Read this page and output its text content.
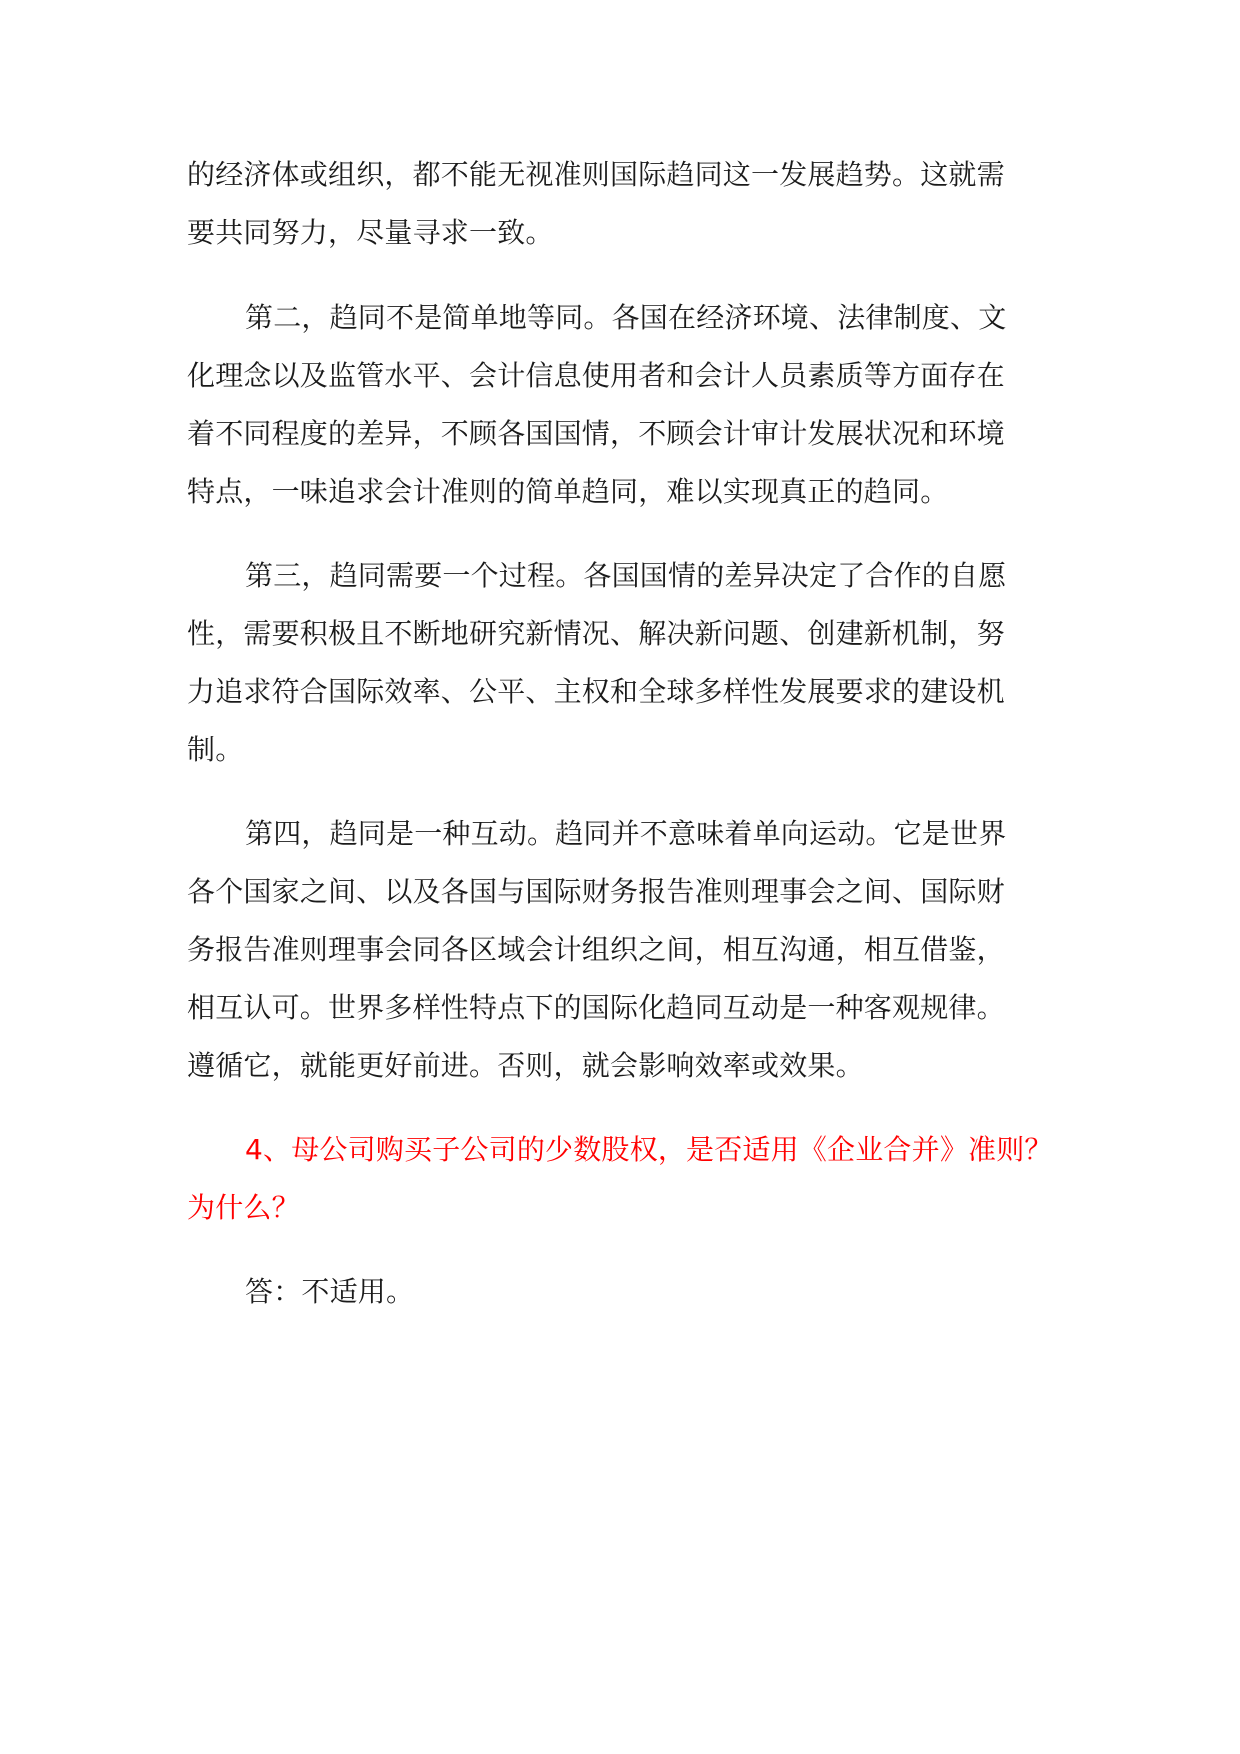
的经济体或组织，都不能无视准则国际趋同这一发展趋势。这就需
要共同努力，尽量寻求一致。
第二，趋同不是简单地等同。各国在经济环境、法律制度、文
化理念以及监管水平、会计信息使用者和会计人员素质等方面存在
着不同程度的差异，不顾各国国情，不顾会计审计发展状况和环境
特点，一味追求会计准则的简单趋同，难以实现真正的趋同。
第三，趋同需要一个过程。各国国情的差异决定了合作的自愿
性，需要积极且不断地研究新情况、解决新问题、创建新机制，努
力追求符合国际效率、公平、主权和全球多样性发展要求的建设机
制。
第四，趋同是一种互动。趋同并不意味着单向运动。它是世界
各个国家之间、以及各国与国际财务报告准则理事会之间、国际财
务报告准则理事会同各区域会计组织之间，相互沟通，相互借鉴，
相互认可。世界多样性特点下的国际化趋同互动是一种客观规律。
遵循它，就能更好前进。否则，就会影响效率或效果。
4、母公司购买子公司的少数股权，是否适用《企业合并》准则？
为什么？
答：不适用。
